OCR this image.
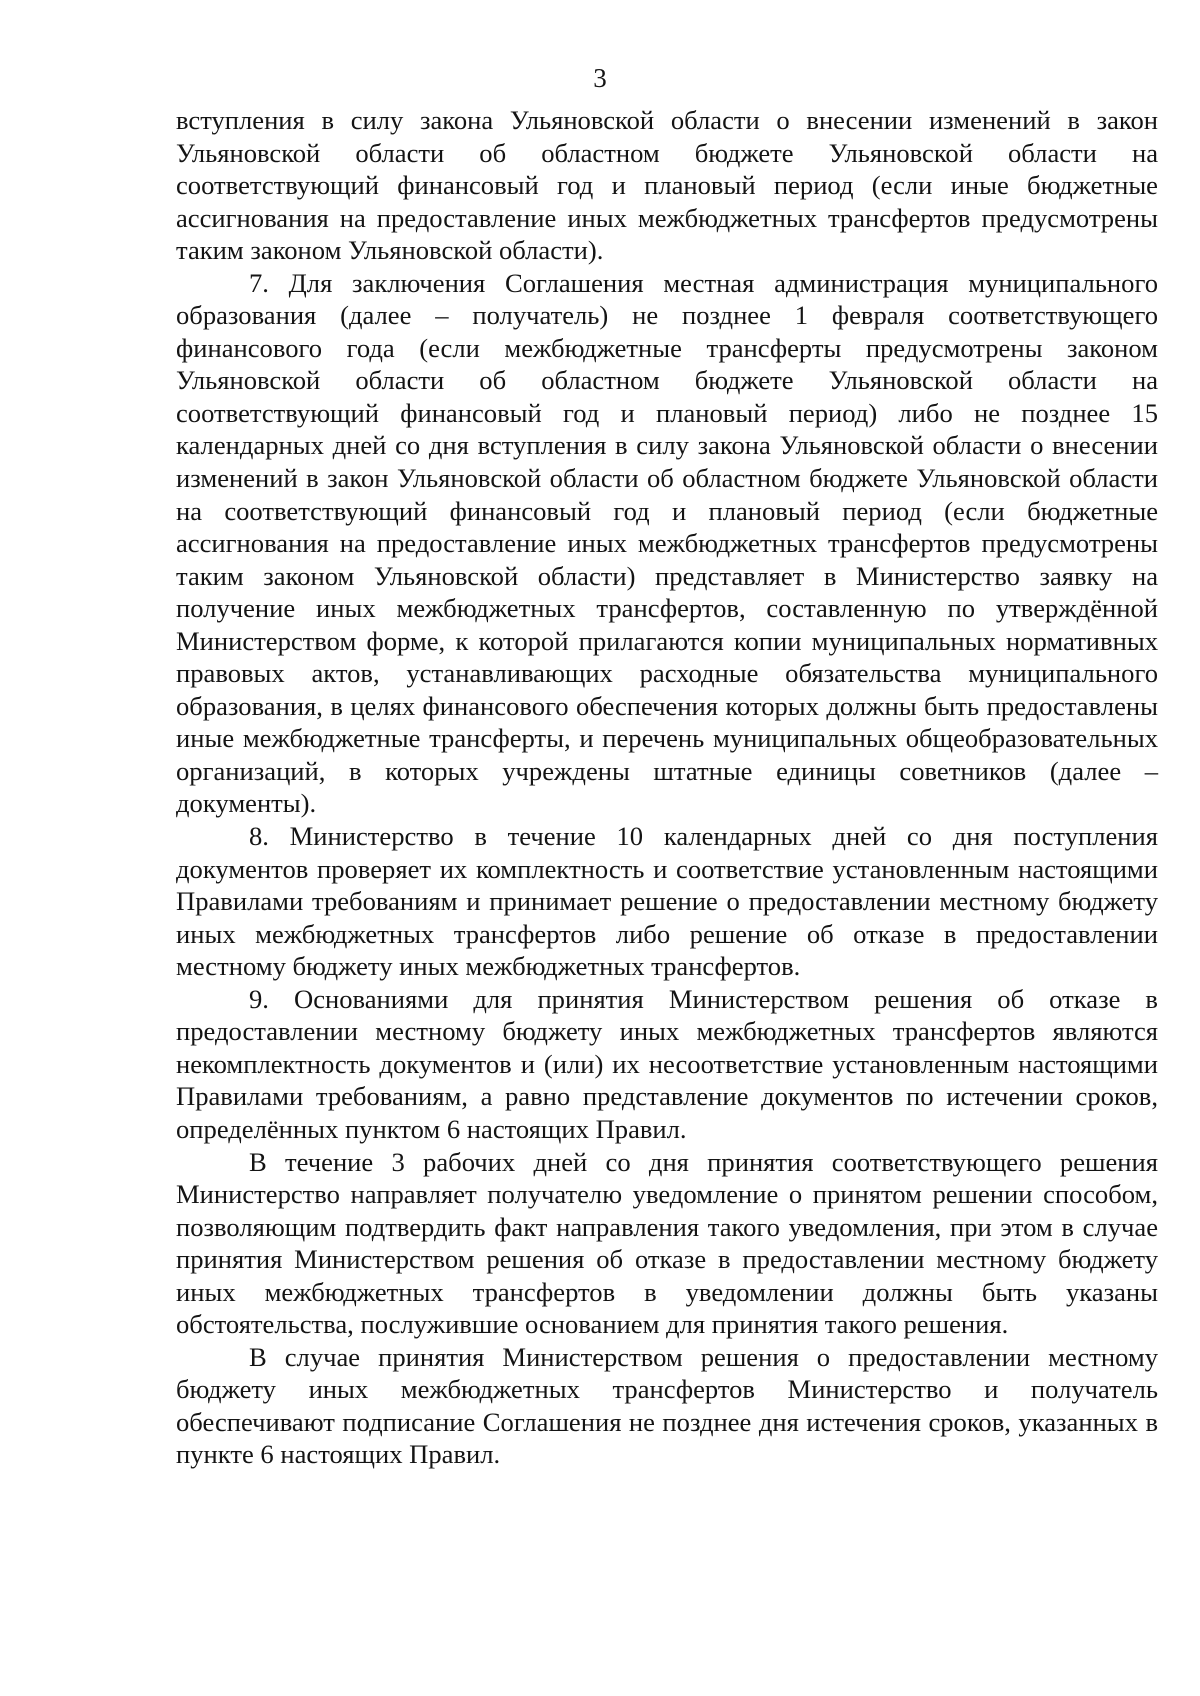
3

вступления в силу закона Ульяновской области о внесении изменений в закон Ульяновской области об областном бюджете Ульяновской области на соответствующий финансовый год и плановый период (если иные бюджетные ассигнования на предоставление иных межбюджетных трансфертов предусмотрены таким законом Ульяновской области).

7. Для заключения Соглашения местная администрация муниципального образования (далее – получатель) не позднее 1 февраля соответствующего финансового года (если межбюджетные трансферты предусмотрены законом Ульяновской области об областном бюджете Ульяновской области на соответствующий финансовый год и плановый период) либо не позднее 15 календарных дней со дня вступления в силу закона Ульяновской области о внесении изменений в закон Ульяновской области об областном бюджете Ульяновской области на соответствующий финансовый год и плановый период (если бюджетные ассигнования на предоставление иных межбюджетных трансфертов предусмотрены таким законом Ульяновской области) представляет в Министерство заявку на получение иных межбюджетных трансфертов, составленную по утверждённой Министерством форме, к которой прилагаются копии муниципальных нормативных правовых актов, устанавливающих расходные обязательства муниципального образования, в целях финансового обеспечения которых должны быть предоставлены иные межбюджетные трансферты, и перечень муниципальных общеобразовательных организаций, в которых учреждены штатные единицы советников (далее – документы).

8. Министерство в течение 10 календарных дней со дня поступления документов проверяет их комплектность и соответствие установленным настоящими Правилами требованиям и принимает решение о предоставлении местному бюджету иных межбюджетных трансфертов либо решение об отказе в предоставлении местному бюджету иных межбюджетных трансфертов.

9. Основаниями для принятия Министерством решения об отказе в предоставлении местному бюджету иных межбюджетных трансфертов являются некомплектность документов и (или) их несоответствие установленным настоящими Правилами требованиям, а равно представление документов по истечении сроков, определённых пунктом 6 настоящих Правил.

В течение 3 рабочих дней со дня принятия соответствующего решения Министерство направляет получателю уведомление о принятом решении способом, позволяющим подтвердить факт направления такого уведомления, при этом в случае принятия Министерством решения об отказе в предоставлении местному бюджету иных межбюджетных трансфертов в уведомлении должны быть указаны обстоятельства, послужившие основанием для принятия такого решения.

В случае принятия Министерством решения о предоставлении местному бюджету иных межбюджетных трансфертов Министерство и получатель обеспечивают подписание Соглашения не позднее дня истечения сроков, указанных в пункте 6 настоящих Правил.
